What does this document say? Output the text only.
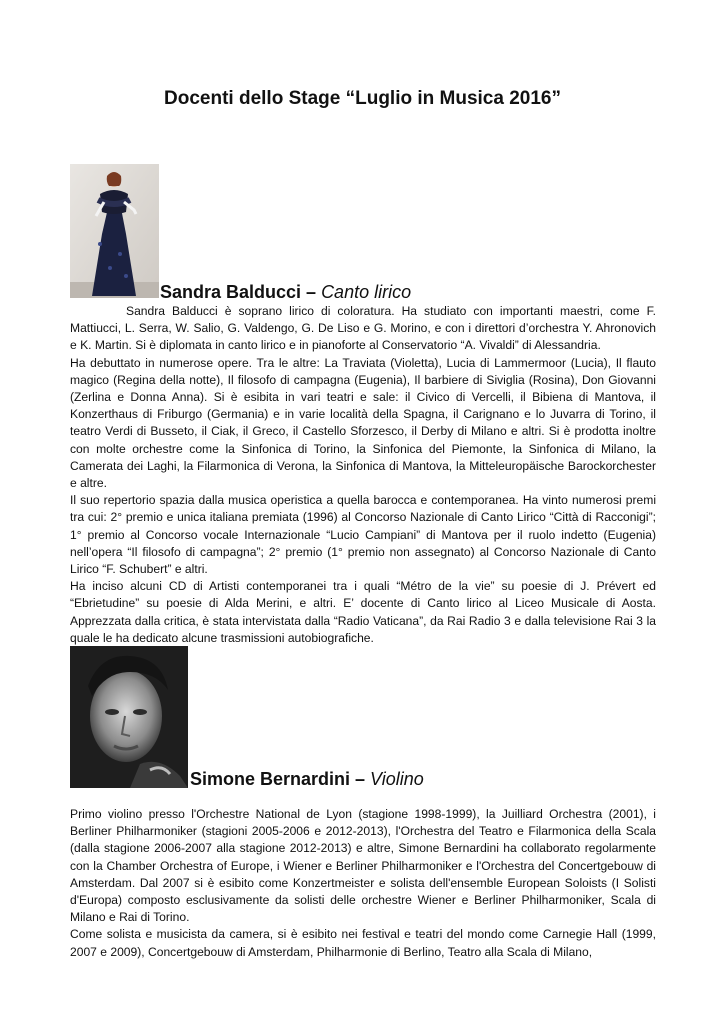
Docenti dello Stage “Luglio in Musica 2016”
Sandra Balducci – Canto lirico

Sandra Balducci è soprano lirico di coloratura. Ha studiato con importanti maestri, come F. Mattiucci, L. Serra, W. Salio, G. Valdengo, G. De Liso e G. Morino, e con i direttori d’orchestra Y. Ahronovich e K. Martin. Si è diplomata in canto lirico e in pianoforte al Conservatorio “A. Vivaldi” di Alessandria.

Ha debuttato in numerose opere. Tra le altre: La Traviata (Violetta), Lucia di Lammermoor (Lucia), Il flauto magico (Regina della notte), Il filosofo di campagna (Eugenia), Il barbiere di Siviglia (Rosina), Don Giovanni (Zerlina e Donna Anna). Si è esibita in vari teatri e sale: il Civico di Vercelli, il Bibiena di Mantova, il Konzerthaus di Friburgo (Germania) e in varie località della Spagna, il Carignano e lo Juvarra di Torino, il teatro Verdi di Busseto, il Ciak, il Greco, il Castello Sforzesco, il Derby di Milano e altri. Si è prodotta inoltre con molte orchestre come la Sinfonica di Torino, la Sinfonica del Piemonte, la Sinfonica di Milano, la Camerata dei Laghi, la Filarmonica di Verona, la Sinfonica di Mantova, la Mitteleuropäische Barockorchester e altre.

Il suo repertorio spazia dalla musica operistica a quella barocca e contemporanea. Ha vinto numerosi premi tra cui: 2° premio e unica italiana premiata (1996) al Concorso Nazionale di Canto Lirico “Città di Racconigi”; 1° premio al Concorso vocale Internazionale “Lucio Campiani” di Mantova per il ruolo indetto (Eugenia) nell’opera “Il filosofo di campagna”; 2° premio (1° premio non assegnato) al Concorso Nazionale di Canto Lirico “F. Schubert” e altri.

Ha inciso alcuni CD di Artisti contemporanei tra i quali “Métro de la vie” su poesie di J. Prévert ed “Ebrietudine” su poesie di Alda Merini, e altri. E’ docente di Canto lirico al Liceo Musicale di Aosta. Apprezzata dalla critica, è stata intervistata dalla “Radio Vaticana”, da Rai Radio 3 e dalla televisione Rai 3 la quale le ha dedicato alcune trasmissioni autobiografiche.

Simone Bernardini – Violino

Primo violino presso l'Orchestre National de Lyon (stagione 1998-1999), la Juilliard Orchestra (2001), i Berliner Philharmoniker (stagioni 2005-2006 e 2012-2013), l'Orchestra del Teatro e Filarmonica della Scala (dalla stagione 2006-2007 alla stagione 2012-2013) e altre, Simone Bernardini ha collaborato regolarmente con la Chamber Orchestra of Europe, i Wiener e Berliner Philharmoniker e l'Orchestra del Concertgebouw di Amsterdam. Dal 2007 si è esibito come Konzertmeister e solista dell'ensemble European Soloists (I Solisti d'Europa) composto esclusivamente da solisti delle orchestre Wiener e Berliner Philharmoniker, Scala di Milano e Rai di Torino.

Come solista e musicista da camera, si è esibito nei festival e teatri del mondo come Carnegie Hall (1999, 2007 e 2009), Concertgebouw di Amsterdam, Philharmonie di Berlino, Teatro alla Scala di Milano,
